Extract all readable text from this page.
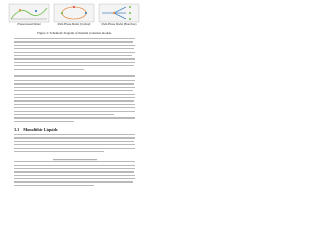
Phase-based Model	Multi-Phase Model (Cyclical)	Multi-Phase Model (Branches)
Figure 2: Schematic diagram of thermal evolution models.
3.1 Monolithic Liquids
